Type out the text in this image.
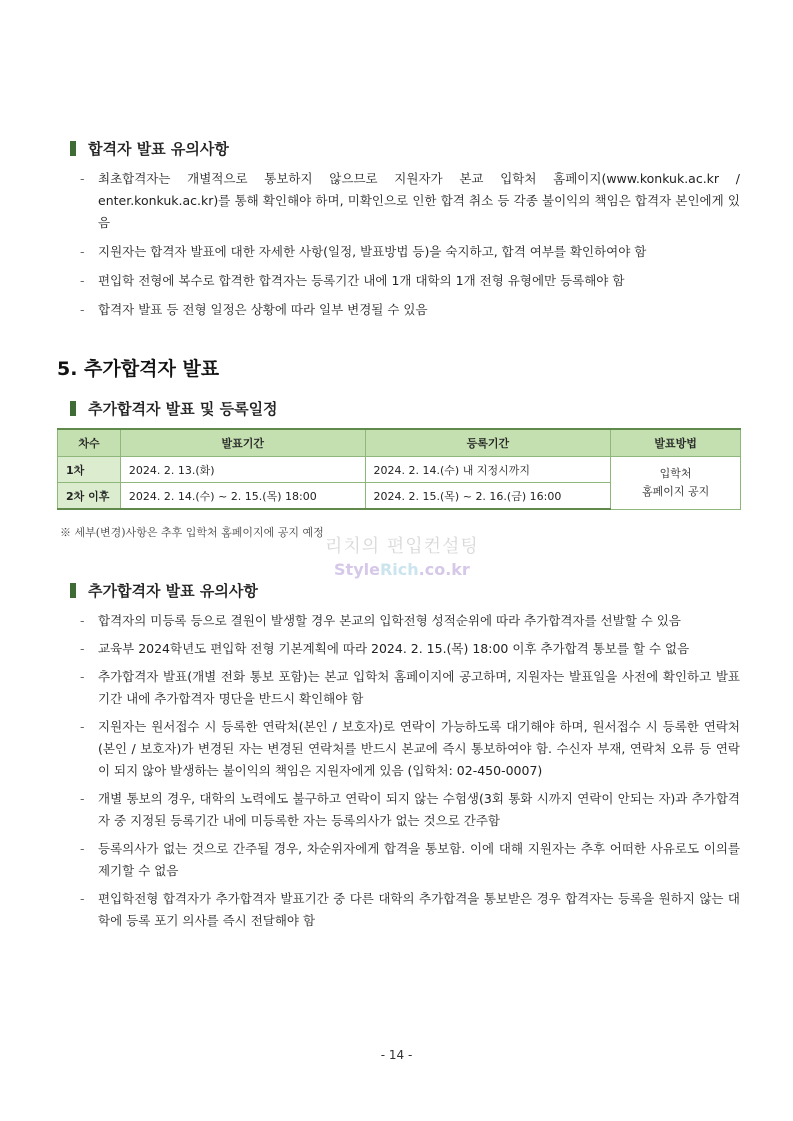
합격자 발표 유의사항
- 최초합격자는 개별적으로 통보하지 않으므로 지원자가 본교 입학처 홈페이지(www.konkuk.ac.kr / enter.konkuk.ac.kr)를 통해 확인해야 하며, 미확인으로 인한 합격 취소 등 각종 불이익의 책임은 합격자 본인에게 있음
- 지원자는 합격자 발표에 대한 자세한 사항(일정, 발표방법 등)을 숙지하고, 합격 여부를 확인하여야 함
- 편입학 전형에 복수로 합격한 합격자는 등록기간 내에 1개 대학의 1개 전형 유형에만 등록해야 함
- 합격자 발표 등 전형 일정은 상황에 따라 일부 변경될 수 있음
5. 추가합격자 발표
추가합격자 발표 및 등록일정
차수	발표기간	등록기간	발표방법
1차	2024. 2. 13.(화)	2024. 2. 14.(수) 내 지정시까지	입학처
홈페이지 공지
2차 이후	2024. 2. 14.(수) ~ 2. 15.(목) 18:00	2024. 2. 15.(목) ~ 2. 16.(금) 16:00	
※ 세부(변경)사항은 추후 입학처 홈페이지에 공지 예정
리치의 편입컨설팅
StyleRich.co.kr
추가합격자 발표 유의사항
- 합격자의 미등록 등으로 결원이 발생할 경우 본교의 입학전형 성적순위에 따라 추가합격자를 선발할 수 있음
- 교육부 2024학년도 편입학 전형 기본계획에 따라 2024. 2. 15.(목) 18:00 이후 추가합격 통보를 할 수 없음
- 추가합격자 발표(개별 전화 통보 포함)는 본교 입학처 홈페이지에 공고하며, 지원자는 발표일을 사전에 확인하고 발표기간 내에 추가합격자 명단을 반드시 확인해야 함
- 지원자는 원서접수 시 등록한 연락처(본인 / 보호자)로 연락이 가능하도록 대기해야 하며, 원서접수 시 등록한 연락처(본인 / 보호자)가 변경된 자는 변경된 연락처를 반드시 본교에 즉시 통보하여야 함. 수신자 부재, 연락처 오류 등 연락이 되지 않아 발생하는 불이익의 책임은 지원자에게 있음 (입학처: 02-450-0007)
- 개별 통보의 경우, 대학의 노력에도 불구하고 연락이 되지 않는 수험생(3회 통화 시까지 연락이 안되는 자)과 추가합격자 중 지정된 등록기간 내에 미등록한 자는 등록의사가 없는 것으로 간주함
- 등록의사가 없는 것으로 간주될 경우, 차순위자에게 합격을 통보함. 이에 대해 지원자는 추후 어떠한 사유로도 이의를 제기할 수 없음
- 편입학전형 합격자가 추가합격자 발표기간 중 다른 대학의 추가합격을 통보받은 경우 합격자는 등록을 원하지 않는 대학에 등록 포기 의사를 즉시 전달해야 함
- 14 -
